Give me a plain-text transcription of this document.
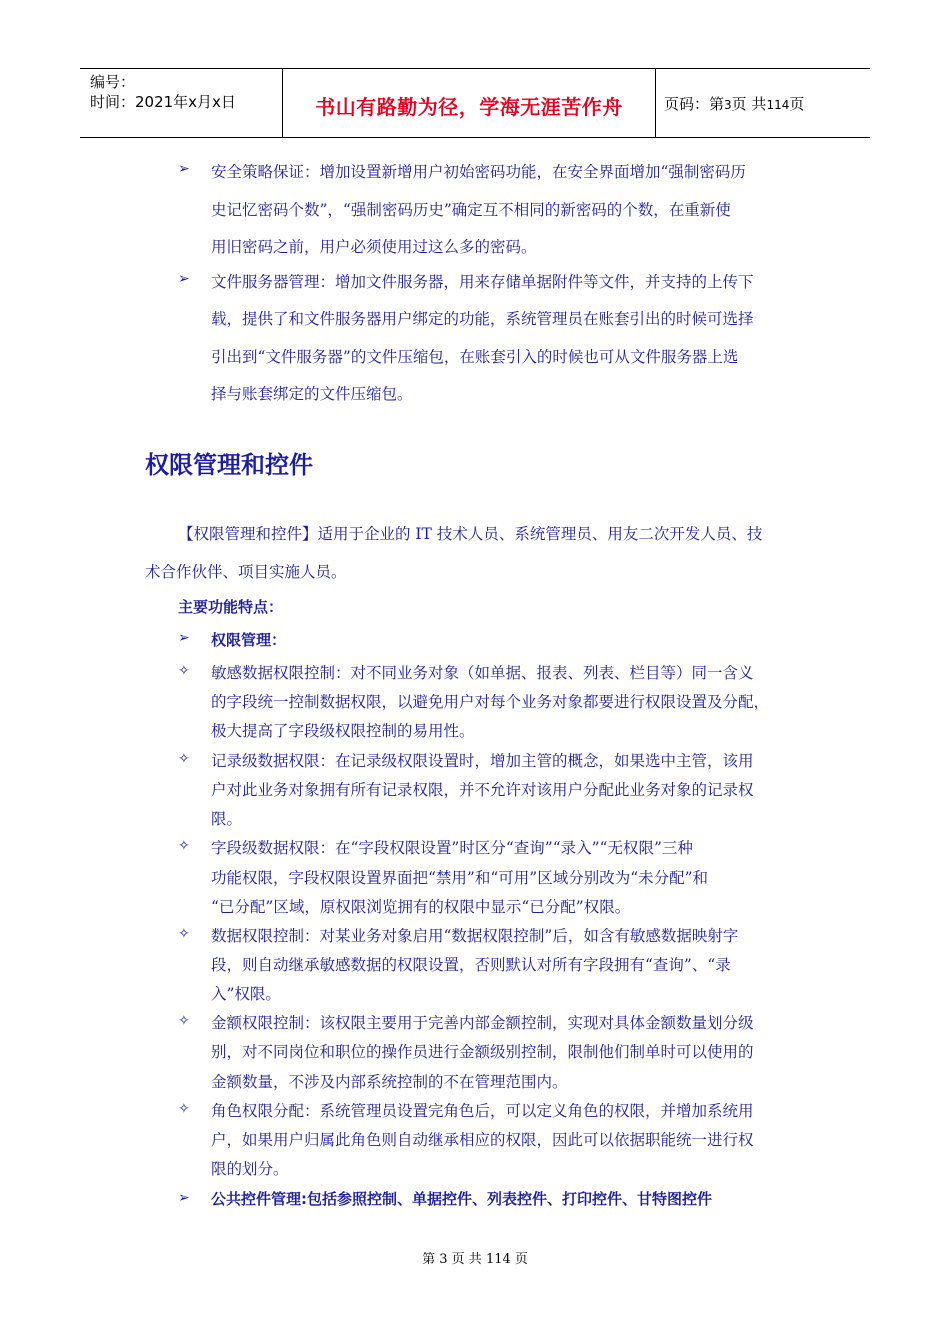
编号：
时间：2021年x月x日	书山有路勤为径，学海无涯苦作舟	页码：第3页 共114页
➢ 安全策略保证：增加设置新增用户初始密码功能，在安全界面增加“强制密码历
史记忆密码个数”，“强制密码历史”确定互不相同的新密码的个数，在重新使
用旧密码之前，用户必须使用过这么多的密码。
➢ 文件服务器管理：增加文件服务器，用来存储单据附件等文件，并支持的上传下
载，提供了和文件服务器用户绑定的功能，系统管理员在账套引出的时候可选择
引出到“文件服务器”的文件压缩包，在账套引入的时候也可从文件服务器上选
择与账套绑定的文件压缩包。
权限管理和控件
【权限管理和控件】适用于企业的 IT 技术人员、系统管理员、用友二次开发人员、技
术合作伙伴、项目实施人员。
主要功能特点：
➢ 权限管理：
✧ 敏感数据权限控制：对不同业务对象（如单据、报表、列表、栏目等）同一含义
的字段统一控制数据权限，以避免用户对每个业务对象都要进行权限设置及分配，
极大提高了字段级权限控制的易用性。
✧ 记录级数据权限：在记录级权限设置时，增加主管的概念，如果选中主管，该用
户对此业务对象拥有所有记录权限，并不允许对该用户分配此业务对象的记录权
限。
✧ 字段级数据权限：在“字段权限设置”时区分“查询”“录入”“无权限”三种
功能权限，字段权限设置界面把“禁用”和“可用”区域分别改为“未分配”和
“已分配”区域，原权限浏览拥有的权限中显示“已分配”权限。
✧ 数据权限控制：对某业务对象启用“数据权限控制”后，如含有敏感数据映射字
段，则自动继承敏感数据的权限设置，否则默认对所有字段拥有“查询”、“录
入”权限。
✧ 金额权限控制：该权限主要用于完善内部金额控制，实现对具体金额数量划分级
别，对不同岗位和职位的操作员进行金额级别控制，限制他们制单时可以使用的
金额数量，不涉及内部系统控制的不在管理范围内。
✧ 角色权限分配：系统管理员设置完角色后，可以定义角色的权限，并增加系统用
户，如果用户归属此角色则自动继承相应的权限，因此可以依据职能统一进行权
限的划分。
➢ 公共控件管理:包括参照控制、单据控件、列表控件、打印控件、甘特图控件
第 3 页 共 114 页
